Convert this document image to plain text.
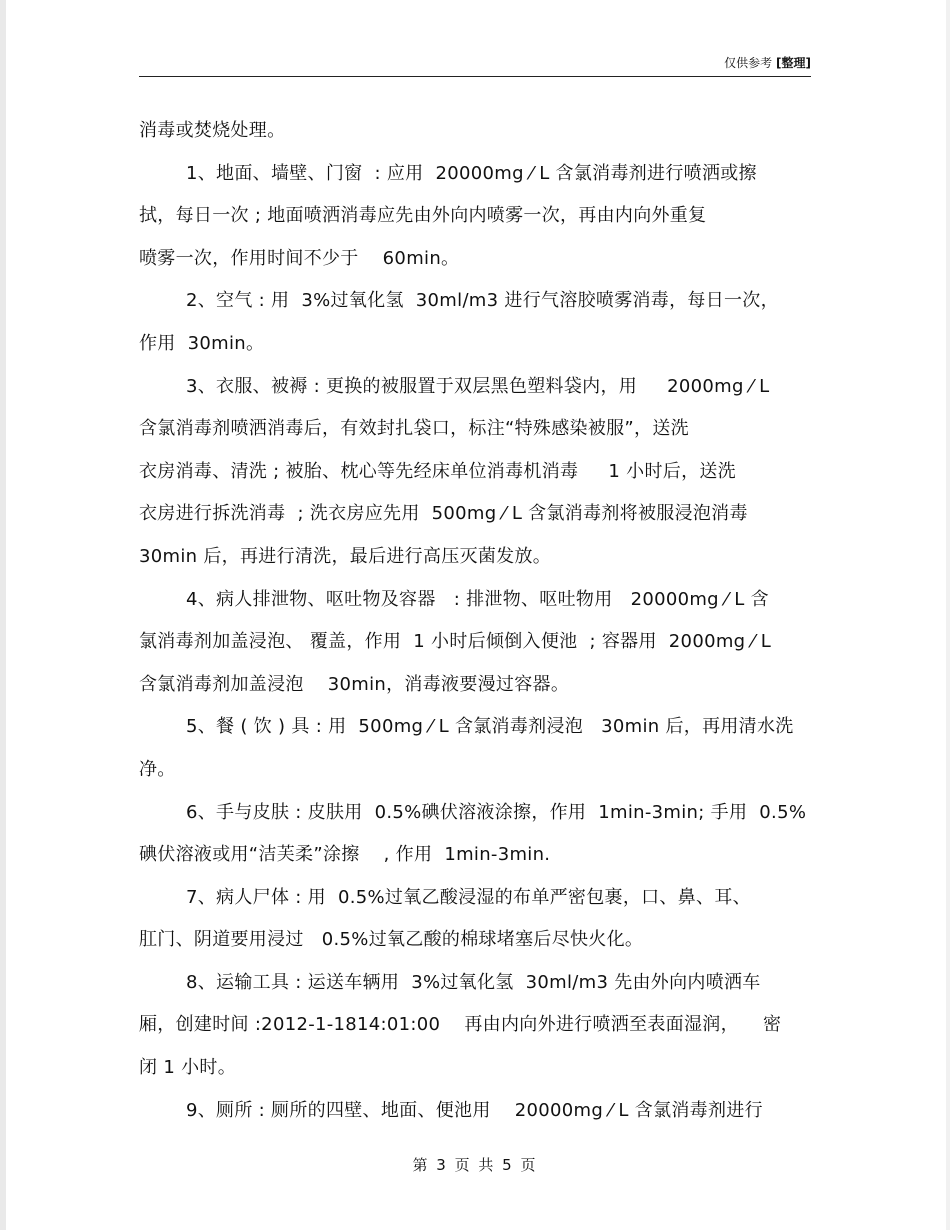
仅供参考 [整理]
消毒或焚烧处理。
1、地面、墙壁、门窗  : 应用  20000mg ⁄ L 含氯消毒剂进行喷洒或擦
拭，每日一次 ; 地面喷洒消毒应先由外向内喷雾一次，再由内向外重复
喷雾一次，作用时间不少于    60min。
2、空气 : 用  3%过氧化氢  30ml/m3 进行气溶胶喷雾消毒，每日一次，
作用  30min。
3、衣服、被褥 : 更换的被服置于双层黑色塑料袋内，用     2000mg ⁄ L
含氯消毒剂喷洒消毒后，有效封扎袋口，标注“特殊感染被服”，送洗
衣房消毒、清洗 ; 被胎、枕心等先经床单位消毒机消毒     1 小时后，送洗
衣房进行拆洗消毒  ; 洗衣房应先用  500mg ⁄ L 含氯消毒剂将被服浸泡消毒
30min 后，再进行清洗，最后进行高压灭菌发放。
4、病人排泄物、呕吐物及容器   : 排泄物、呕吐物用   20000mg ⁄ L 含
氯消毒剂加盖浸泡、 覆盖，作用  1 小时后倾倒入便池  ; 容器用  2000mg ⁄ L
含氯消毒剂加盖浸泡    30min，消毒液要漫过容器。
5、餐 ( 饮 ) 具 : 用  500mg ⁄ L 含氯消毒剂浸泡   30min 后，再用清水洗
净。
6、手与皮肤 : 皮肤用  0.5%碘伏溶液涂擦，作用  1min-3min; 手用  0.5%
碘伏溶液或用“洁芙柔”涂擦    , 作用  1min-3min.
7、病人尸体 : 用  0.5%过氧乙酸浸湿的布单严密包裹，口、鼻、耳、
肛门、阴道要用浸过   0.5%过氧乙酸的棉球堵塞后尽快火化。
8、运输工具 : 运送车辆用  3%过氧化氢  30ml/m3 先由外向内喷洒车
厢，创建时间 :2012-1-1814:01:00    再由内向外进行喷洒至表面湿润，    密
闭 1 小时。
9、厕所 : 厕所的四壁、地面、便池用    20000mg ⁄ L 含氯消毒剂进行
第 3 页 共 5 页
